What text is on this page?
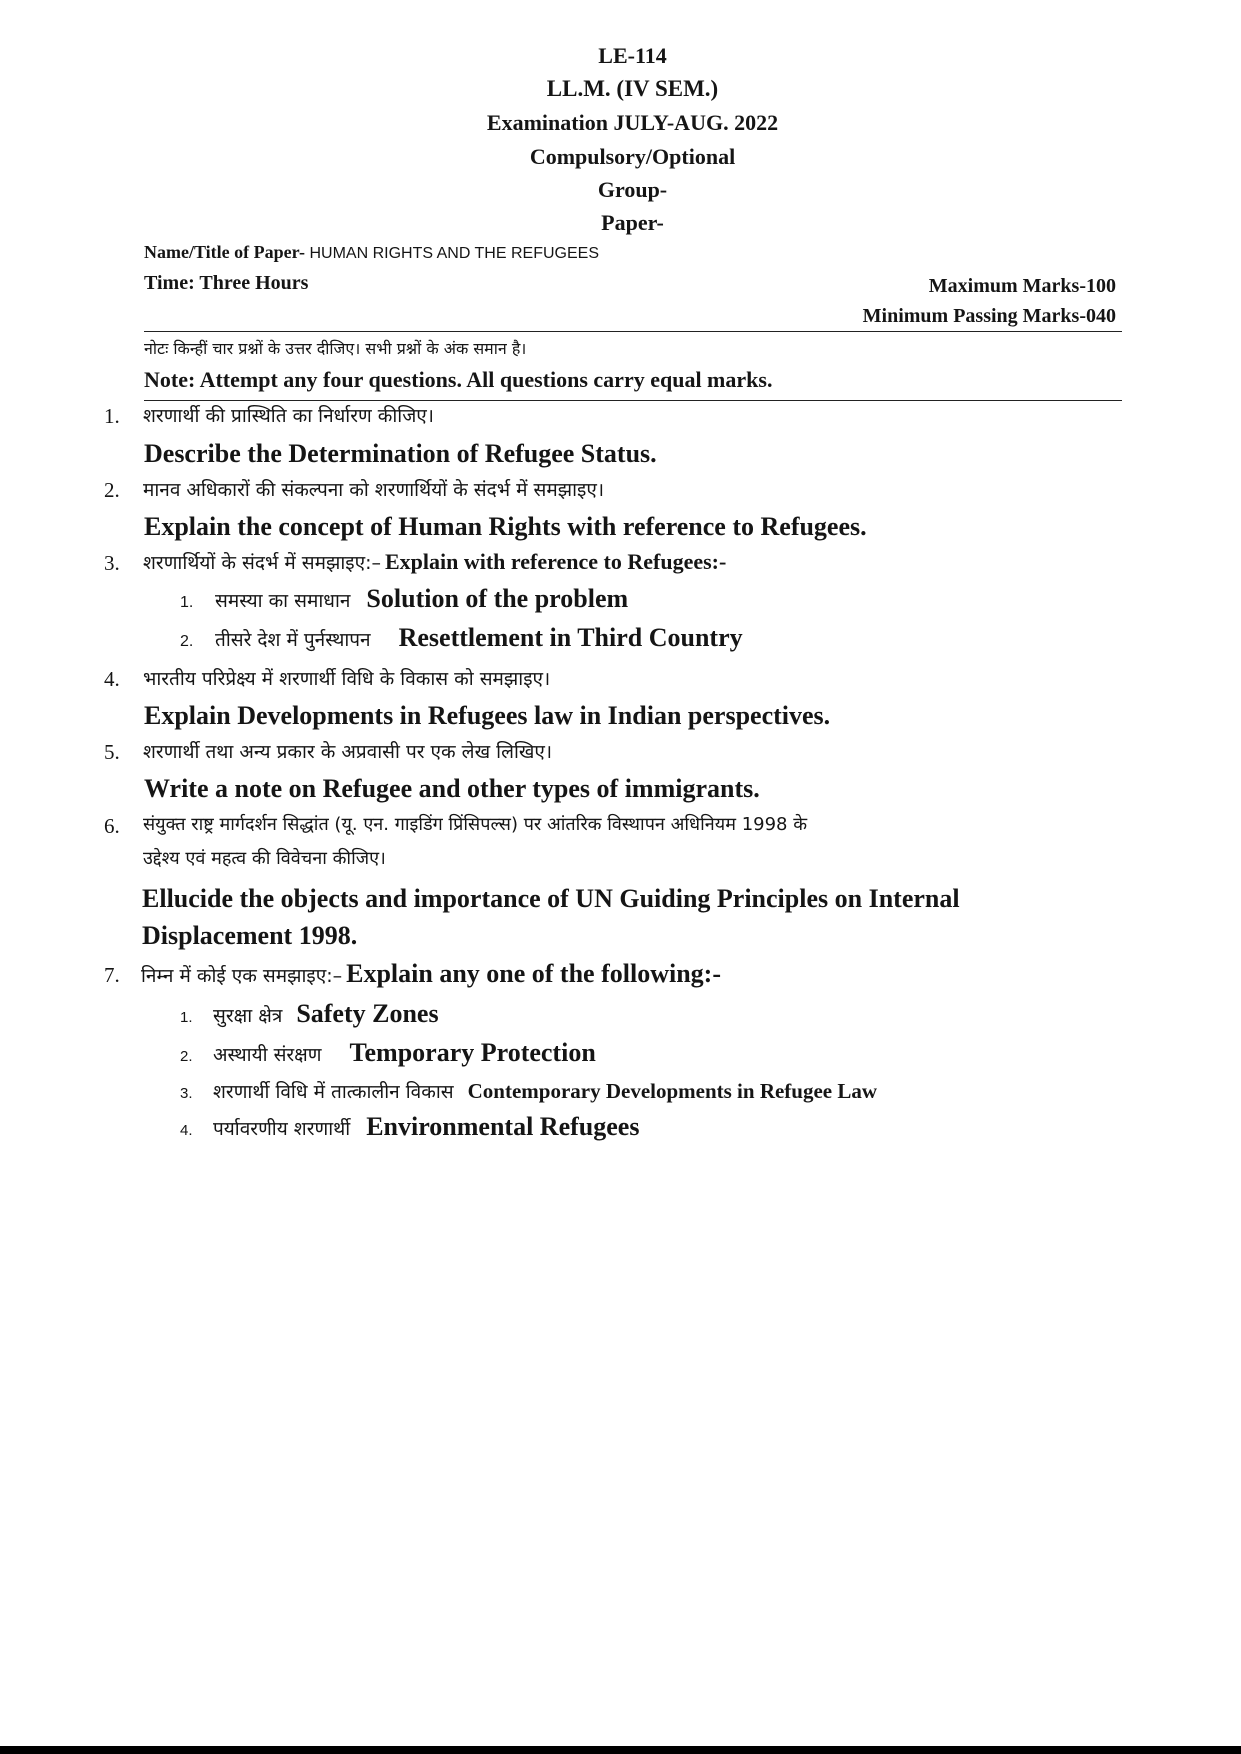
LE-114
LL.M. (IV SEM.)
Examination JULY-AUG. 2022
Compulsory/Optional
Group-
Paper-
Name/Title of Paper- HUMAN RIGHTS AND THE REFUGEES
Time: Three Hours	Maximum Marks-100
Minimum Passing Marks-040
नोटः किन्हीं चार प्रश्नों के उत्तर दीजिए। सभी प्रश्नों के अंक समान है।
Note: Attempt any four questions. All questions carry equal marks.
1. शरणार्थी की प्रास्थिति का निर्धारण कीजिए।
Describe the Determination of Refugee Status.
2. मानव अधिकारों की संकल्पना को शरणार्थियों के संदर्भ में समझाइए।
Explain the concept of Human Rights with reference to Refugees.
3. शरणार्थियों के संदर्भ में समझाइए:– Explain with reference to Refugees:-
1. समस्या का समाधान Solution of the problem
2. तीसरे देश में पुर्नस्थापन Resettlement in Third Country
4. भारतीय परिप्रेक्ष्य में शरणार्थी विधि के विकास को समझाइए।
Explain Developments in Refugees law in Indian perspectives.
5. शरणार्थी तथा अन्य प्रकार के अप्रवासी पर एक लेख लिखिए।
Write a note on Refugee and other types of immigrants.
6. संयुक्त राष्ट्र मार्गदर्शन सिद्धांत (यू. एन. गाइडिंग प्रिंसिपल्स) पर आंतरिक विस्थापन अधिनियम 1998 के
उद्देश्य एवं महत्व की विवेचना कीजिए।
Ellucide the objects and importance of UN Guiding Principles on Internal
Displacement 1998.
7. निम्न में कोई एक समझाइए:– Explain any one of the following:-
1. सुरक्षा क्षेत्र Safety Zones
2. अस्थायी संरक्षण Temporary Protection
3. शरणार्थी विधि में तात्कालीन विकास Contemporary Developments in Refugee Law
4. पर्यावरणीय शरणार्थी Environmental Refugees
